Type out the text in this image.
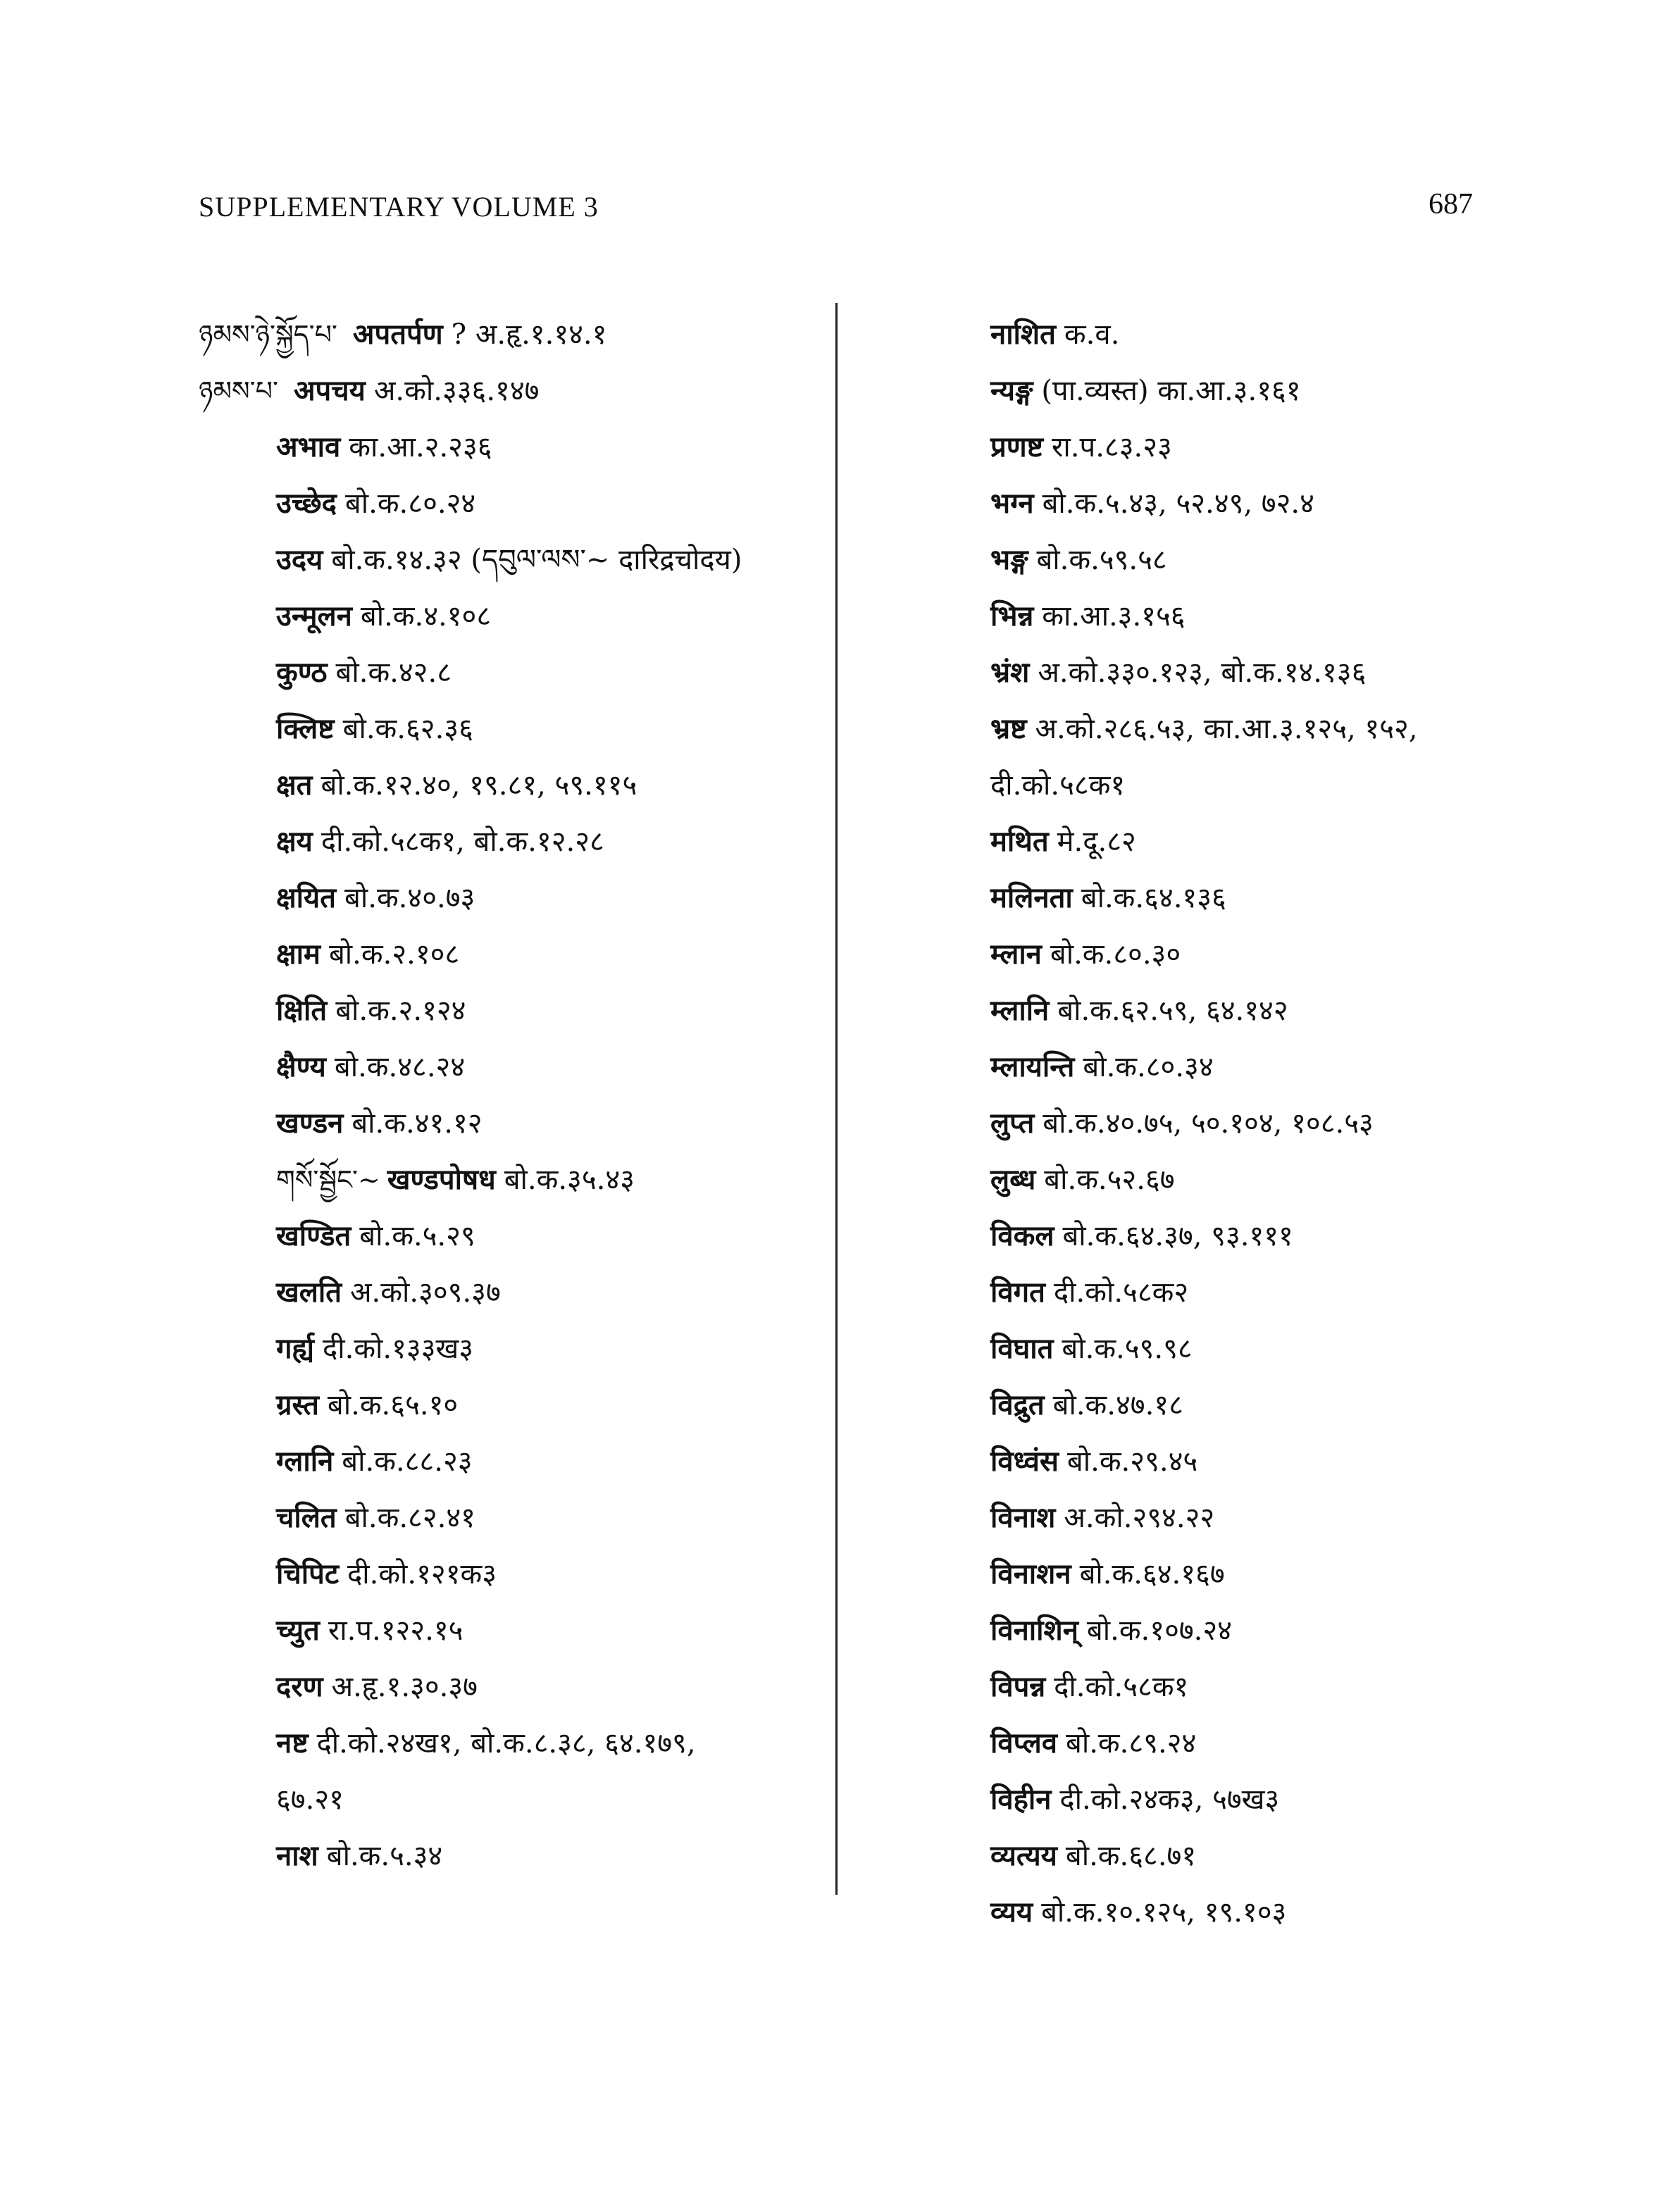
SUPPLEMENTARY VOLUME 3	687
ཉམས་ཉེ་སྐྱོད་པ་ अपतर्पण ? अ.हृ.१.१४.१
ཉམས་པ་ अपचय अ.को.३३६.१४७
अभाव का.आ.२.२३६
उच्छेद बो.क.८०.२४
उदय बो.क.१४.३२ (དབུལ་ལས་~ दारिद्रचोदय)
उन्मूलन बो.क.४.१०८
कुण्ठ बो.क.४२.८
क्लिष्ट बो.क.६२.३६
क्षत बो.क.१२.४०, १९.८१, ५९.११५
क्षय दी.को.५८क१, बो.क.१२.२८
क्षयित बो.क.४०.७३
क्षाम बो.क.२.१०८
क्षिति बो.क.२.१२४
क्षैण्य बो.क.४८.२४
खण्डन बो.क.४१.१२
གསོ་སྦྱོང་~ खण्डपोषध बो.क.३५.४३
खण्डित बो.क.५.२९
खलति अ.को.३०९.३७
गर्ह्य दी.को.१३३ख३
ग्रस्त बो.क.६५.१०
ग्लानि बो.क.८८.२३
चलित बो.क.८२.४१
चिपिट दी.को.१२१क३
च्युत रा.प.१२२.१५
दरण अ.हृ.१.३०.३७
नष्ट दी.को.२४ख१, बो.क.८.३८, ६४.१७९,
६७.२१
नाश बो.क.५.३४
नाशित क.व.
न्यङ्ग (पा.व्यस्त) का.आ.३.१६१
प्रणष्ट रा.प.८३.२३
भग्न बो.क.५.४३, ५२.४९, ७२.४
भङ्ग बो.क.५९.५८
भिन्न का.आ.३.१५६
भ्रंश अ.को.३३०.१२३, बो.क.१४.१३६
भ्रष्ट अ.को.२८६.५३, का.आ.३.१२५, १५२,
दी.को.५८क१
मथित मे.दू.८२
मलिनता बो.क.६४.१३६
म्लान बो.क.८०.३०
म्लानि बो.क.६२.५९, ६४.१४२
म्लायन्ति बो.क.८०.३४
लुप्त बो.क.४०.७५, ५०.१०४, १०८.५३
लुब्ध बो.क.५२.६७
विकल बो.क.६४.३७, ९३.१११
विगत दी.को.५८क२
विघात बो.क.५९.९८
विद्रुत बो.क.४७.१८
विध्वंस बो.क.२९.४५
विनाश अ.को.२९४.२२
विनाशन बो.क.६४.१६७
विनाशिन् बो.क.१०७.२४
विपन्न दी.को.५८क१
विप्लव बो.क.८९.२४
विहीन दी.को.२४क३, ५७ख३
व्यत्यय बो.क.६८.७१
व्यय बो.क.१०.१२५, १९.१०३
